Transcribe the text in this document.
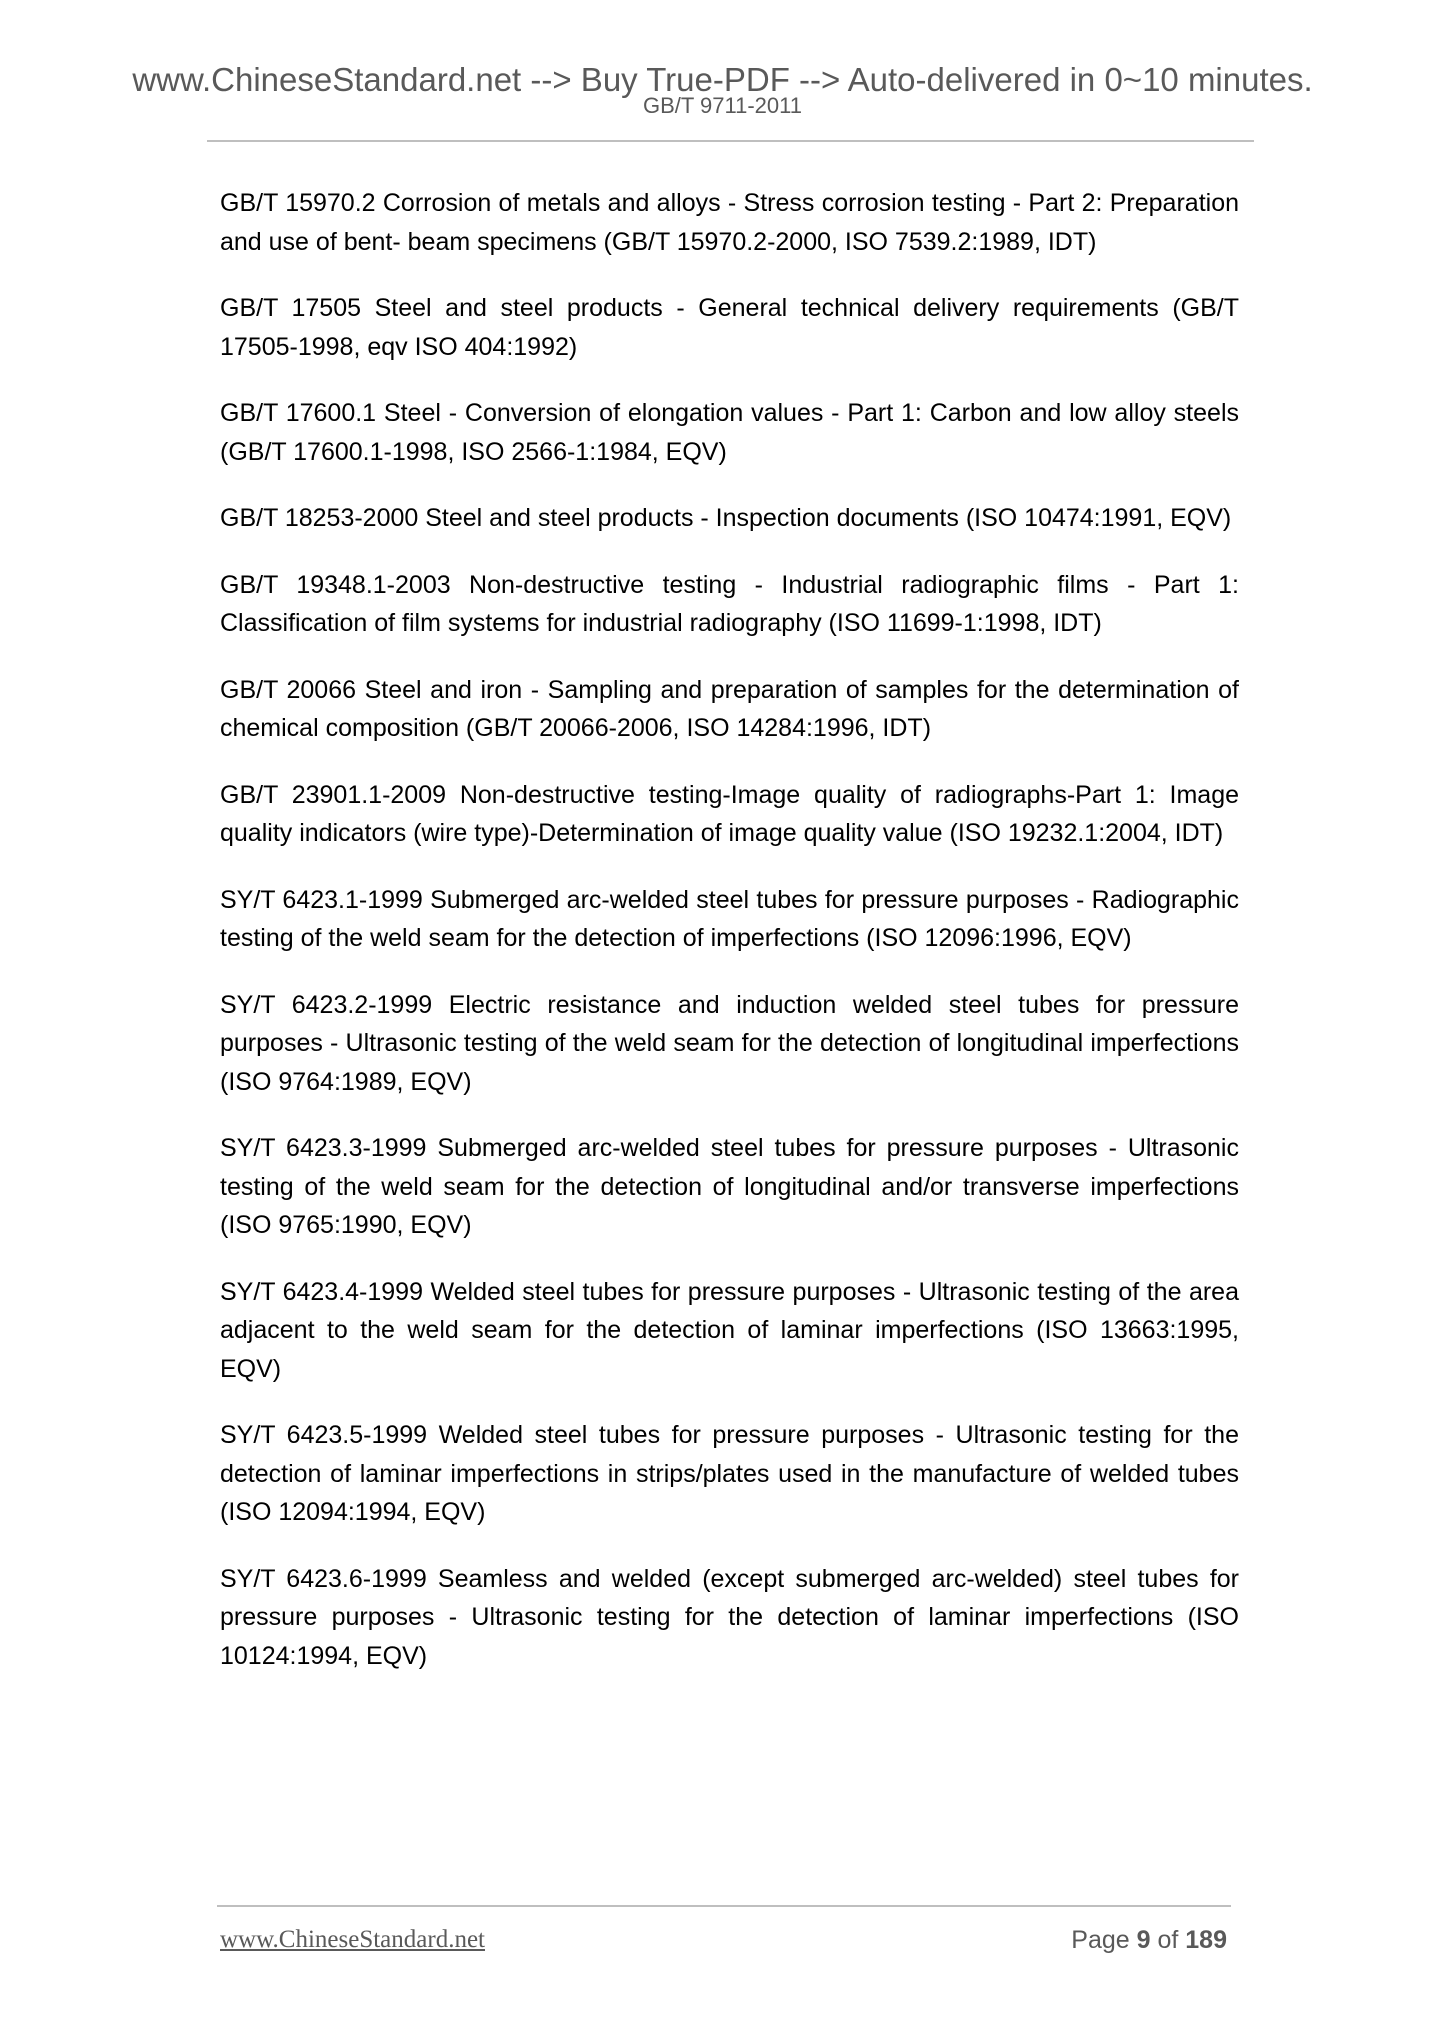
www.ChineseStandard.net --> Buy True-PDF --> Auto-delivered in 0~10 minutes.
GB/T 9711-2011
GB/T 15970.2 Corrosion of metals and alloys - Stress corrosion testing - Part 2: Preparation and use of bent- beam specimens (GB/T 15970.2-2000, ISO 7539.2:1989, IDT)
GB/T 17505 Steel and steel products - General technical delivery requirements (GB/T 17505-1998, eqv ISO 404:1992)
GB/T 17600.1 Steel - Conversion of elongation values - Part 1: Carbon and low alloy steels (GB/T 17600.1-1998, ISO 2566-1:1984, EQV)
GB/T 18253-2000 Steel and steel products - Inspection documents (ISO 10474:1991, EQV)
GB/T 19348.1-2003 Non-destructive testing - Industrial radiographic films - Part 1: Classification of film systems for industrial radiography (ISO 11699-1:1998, IDT)
GB/T 20066 Steel and iron - Sampling and preparation of samples for the determination of chemical composition (GB/T 20066-2006, ISO 14284:1996, IDT)
GB/T 23901.1-2009 Non-destructive testing-Image quality of radiographs-Part 1: Image quality indicators (wire type)-Determination of image quality value (ISO 19232.1:2004, IDT)
SY/T 6423.1-1999 Submerged arc-welded steel tubes for pressure purposes - Radiographic testing of the weld seam for the detection of imperfections (ISO 12096:1996, EQV)
SY/T 6423.2-1999 Electric resistance and induction welded steel tubes for pressure purposes - Ultrasonic testing of the weld seam for the detection of longitudinal imperfections (ISO 9764:1989, EQV)
SY/T 6423.3-1999 Submerged arc-welded steel tubes for pressure purposes - Ultrasonic testing of the weld seam for the detection of longitudinal and/or transverse imperfections (ISO 9765:1990, EQV)
SY/T 6423.4-1999 Welded steel tubes for pressure purposes - Ultrasonic testing of the area adjacent to the weld seam for the detection of laminar imperfections (ISO 13663:1995, EQV)
SY/T 6423.5-1999 Welded steel tubes for pressure purposes - Ultrasonic testing for the detection of laminar imperfections in strips/plates used in the manufacture of welded tubes (ISO 12094:1994, EQV)
SY/T 6423.6-1999 Seamless and welded (except submerged arc-welded) steel tubes for pressure purposes - Ultrasonic testing for the detection of laminar imperfections (ISO 10124:1994, EQV)
www.ChineseStandard.net	Page 9 of 189
